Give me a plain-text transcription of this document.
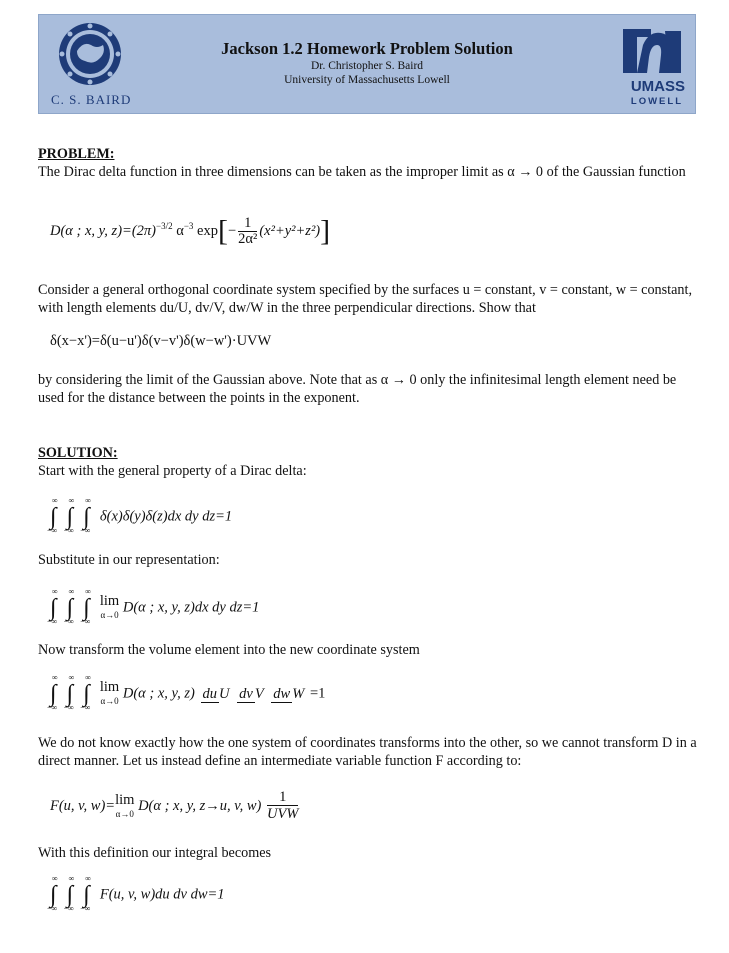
C. S. BAIRD
Jackson 1.2 Homework Problem Solution
Dr. Christopher S. Baird
University of Massachusetts Lowell	UMASS
LOWELL
PROBLEM:
The Dirac delta function in three dimensions can be taken as the improper limit as α → 0 of the Gaussian function
D(α ; x, y, $z)=(2\pi)^{-3/2}$ $\alpha^{-3}$ $\exp[- \frac{1}{\text{2α²}} (x^2+y^2+z^2)]$
Consider a general orthogonal coordinate system specified by the surfaces u = constant, v = constant, w = constant, with length elements du/U, dv/V, dw/W in the three perpendicular directions. Show that
δ(x−x')=δ(u−u')δ(v−v')δ(w−w')·UVW
by considering the limit of the Gaussian above. Note that as α → 0 only the infinitesimal length element need be used for the distance between the points in the exponent.
SOLUTION:
Start with the general property of a Dirac delta:
∫
∞
−∞
∫
∞
−∞
∫
∞
−∞
δ(x)δ(y)δ(z)dx dy dz=1
Substitute in our representation:
∫
∞
−∞
∫
∞
−∞
∫
∞
−∞
lim
α→0 D(α ; x, y, z)dx dy dz=1
Now transform the volume element into the new coordinate system
∫
∞
−∞
∫
∞
−∞
∫
∞
−∞
lim
α→0 D(α ; x, y, z) du U dv V dw W =1
We do not know exactly how the one system of coordinates transforms into the other, so we cannot transform D in a direct manner. Let us instead define an intermediate variable function F according to:
F(u, v, w)=lim
α→0 D(α ; x, y, z→u, v, $w) \frac{1}{\text{UVW}}$
With this definition our integral becomes
∫
∞
−∞
∫
∞
−∞
∫
∞
−∞
F(u, v, w)du dv dw=1
